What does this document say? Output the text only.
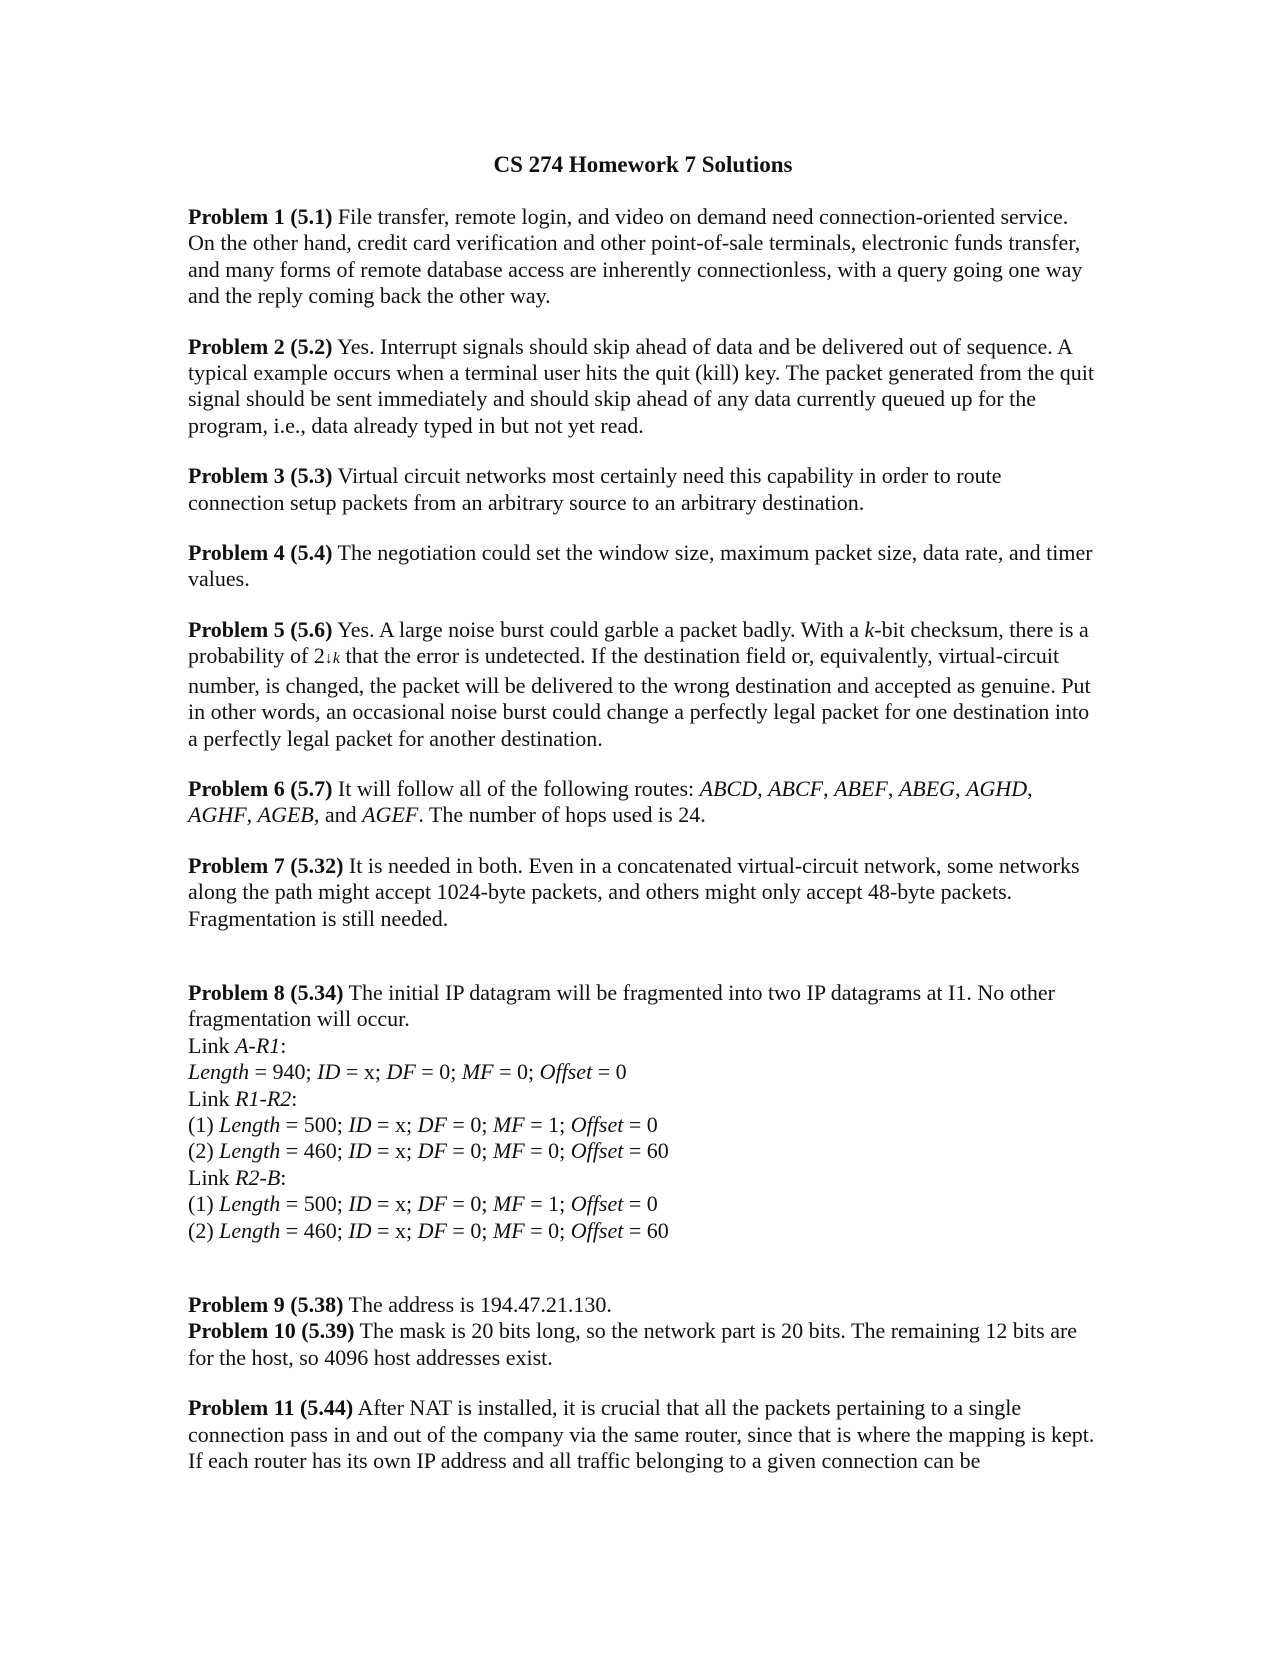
CS 274 Homework 7 Solutions

Problem 1 (5.1) File transfer, remote login, and video on demand need connection-oriented service. On the other hand, credit card verification and other point-of-sale terminals, electronic funds transfer, and many forms of remote database access are inherently connectionless, with a query going one way and the reply coming back the other way.

Problem 2 (5.2) Yes. Interrupt signals should skip ahead of data and be delivered out of sequence. A typical example occurs when a terminal user hits the quit (kill) key. The packet generated from the quit signal should be sent immediately and should skip ahead of any data currently queued up for the program, i.e., data already typed in but not yet read.

Problem 3 (5.3) Virtual circuit networks most certainly need this capability in order to route connection setup packets from an arbitrary source to an arbitrary destination.

Problem 4 (5.4) The negotiation could set the window size, maximum packet size, data rate, and timer values.

Problem 5 (5.6) Yes. A large noise burst could garble a packet badly. With a k-bit checksum, there is a probability of 2↓k that the error is undetected. If the destination field or, equivalently, virtual-circuit number, is changed, the packet will be delivered to the wrong destination and accepted as genuine. Put in other words, an occasional noise burst could change a perfectly legal packet for one destination into a perfectly legal packet for another destination.

Problem 6 (5.7) It will follow all of the following routes: ABCD, ABCF, ABEF, ABEG, AGHD, AGHF, AGEB, and AGEF. The number of hops used is 24.

Problem 7 (5.32) It is needed in both. Even in a concatenated virtual-circuit network, some networks along the path might accept 1024-byte packets, and others might only accept 48-byte packets. Fragmentation is still needed.

Problem 8 (5.34) The initial IP datagram will be fragmented into two IP datagrams at I1. No other fragmentation will occur.
Link A-R1:
Length = 940; ID = x; DF = 0; MF = 0; Offset = 0
Link R1-R2:
(1) Length = 500; ID = x; DF = 0; MF = 1; Offset = 0
(2) Length = 460; ID = x; DF = 0; MF = 0; Offset = 60
Link R2-B:
(1) Length = 500; ID = x; DF = 0; MF = 1; Offset = 0
(2) Length = 460; ID = x; DF = 0; MF = 0; Offset = 60

Problem 9 (5.38) The address is 194.47.21.130.

Problem 10 (5.39) The mask is 20 bits long, so the network part is 20 bits. The remaining 12 bits are for the host, so 4096 host addresses exist.

Problem 11 (5.44) After NAT is installed, it is crucial that all the packets pertaining to a single connection pass in and out of the company via the same router, since that is where the mapping is kept. If each router has its own IP address and all traffic belonging to a given connection can be
